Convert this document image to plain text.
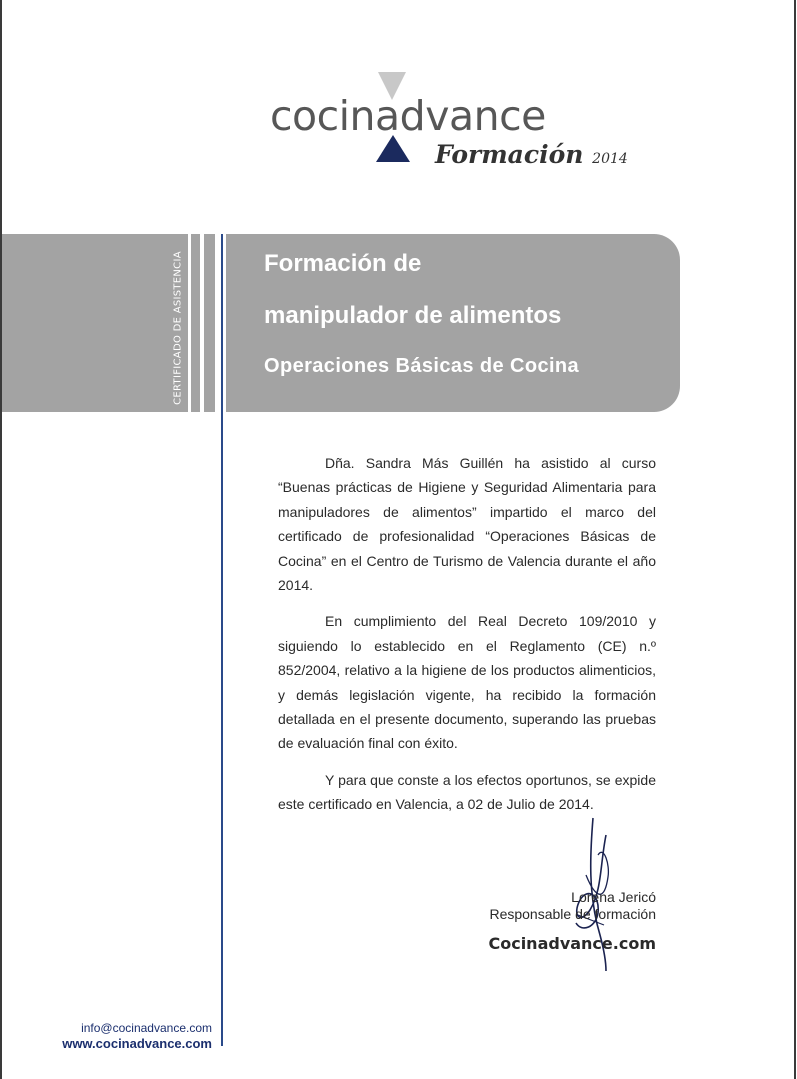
cocinadvance
Formación 2014
CERTIFICADO DE ASISTENCIA	Formación de
manipulador de alimentos
Operaciones Básicas de Cocina

Dña. Sandra Más Guillén ha asistido al curso “Buenas prácticas de Higiene y Seguridad Alimentaria para manipuladores de alimentos” impartido el marco del certificado de profesionalidad “Operaciones Básicas de Cocina” en el Centro de Turismo de Valencia durante el año 2014.

En cumplimiento del Real Decreto 109/2010 y siguiendo lo establecido en el Reglamento (CE) n.º 852/2004, relativo a la higiene de los productos alimenticios, y demás legislación vigente, ha recibido la formación detallada en el presente documento, superando las pruebas de evaluación final con éxito.

Y para que conste a los efectos oportunos, se expide este certificado en Valencia, a 02 de Julio de 2014.

Lorena Jericó
Responsable de formación
Cocinadvance.com
info@cocinadvance.com
www.cocinadvance.com
